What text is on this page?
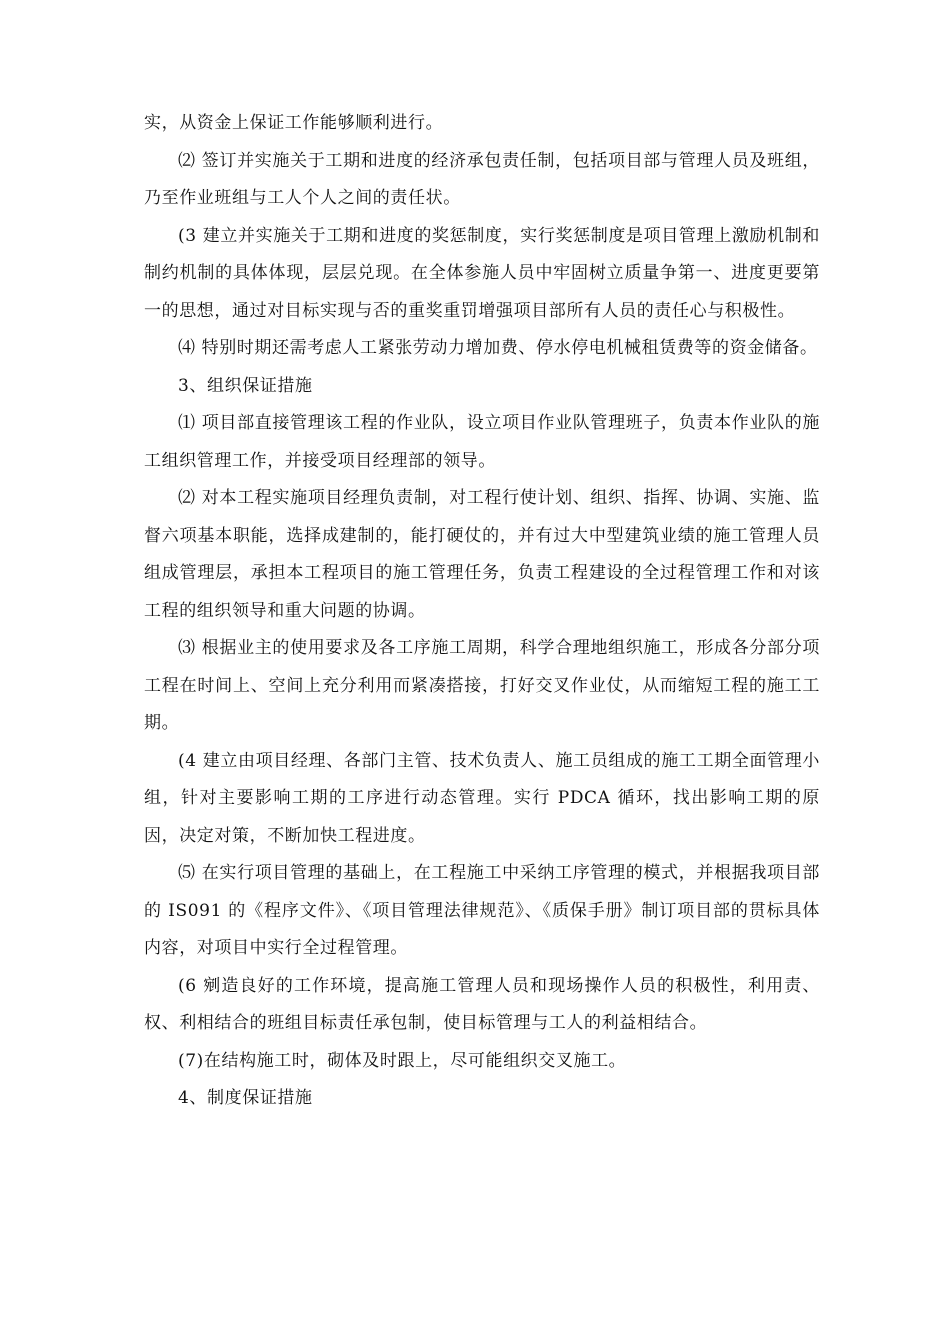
实，从资金上保证工作能够顺利进行。

⑵ 签订并实施关于工期和进度的经济承包责任制，包括项目部与管理人员及班组，乃至作业班组与工人个人之间的责任状。

(3 建立并实施关于工期和进度的奖惩制度，实行奖惩制度是项目管理上激励机制和制约机制的具体体现，层层兑现。在全体参施人员中牢固树立质量争第一、进度更要第一的思想，通过对目标实现与否的重奖重罚增强项目部所有人员的责任心与积极性。

⑷ 特别时期还需考虑人工紧张劳动力增加费、停水停电机械租赁费等的资金储备。

3、组织保证措施

⑴ 项目部直接管理该工程的作业队，设立项目作业队管理班子，负责本作业队的施工组织管理工作，并接受项目经理部的领导。

⑵ 对本工程实施项目经理负责制，对工程行使计划、组织、指挥、协调、实施、监督六项基本职能，选择成建制的，能打硬仗的，并有过大中型建筑业绩的施工管理人员组成管理层，承担本工程项目的施工管理任务，负责工程建设的全过程管理工作和对该工程的组织领导和重大问题的协调。

⑶ 根据业主的使用要求及各工序施工周期，科学合理地组织施工，形成各分部分项工程在时间上、空间上充分利用而紧凑搭接，打好交叉作业仗，从而缩短工程的施工工期。

(4 建立由项目经理、各部门主管、技术负责人、施工员组成的施工工期全面管理小组，针对主要影响工期的工序进行动态管理。实行 PDCA 循环，找出影响工期的原因，决定对策，不断加快工程进度。

⑸ 在实行项目管理的基础上，在工程施工中采纳工序管理的模式，并根据我项目部的 IS091 的《程序文件》、《项目管理法律规范》、《质保手册》制订项目部的贯标具体内容，对项目中实行全过程管理。

(6 剜造良好的工作环境，提高施工管理人员和现场操作人员的积极性，利用责、权、利相结合的班组目标责任承包制，使目标管理与工人的利益相结合。

(7)在结构施工时，砌体及时跟上，尽可能组织交叉施工。

4、制度保证措施
